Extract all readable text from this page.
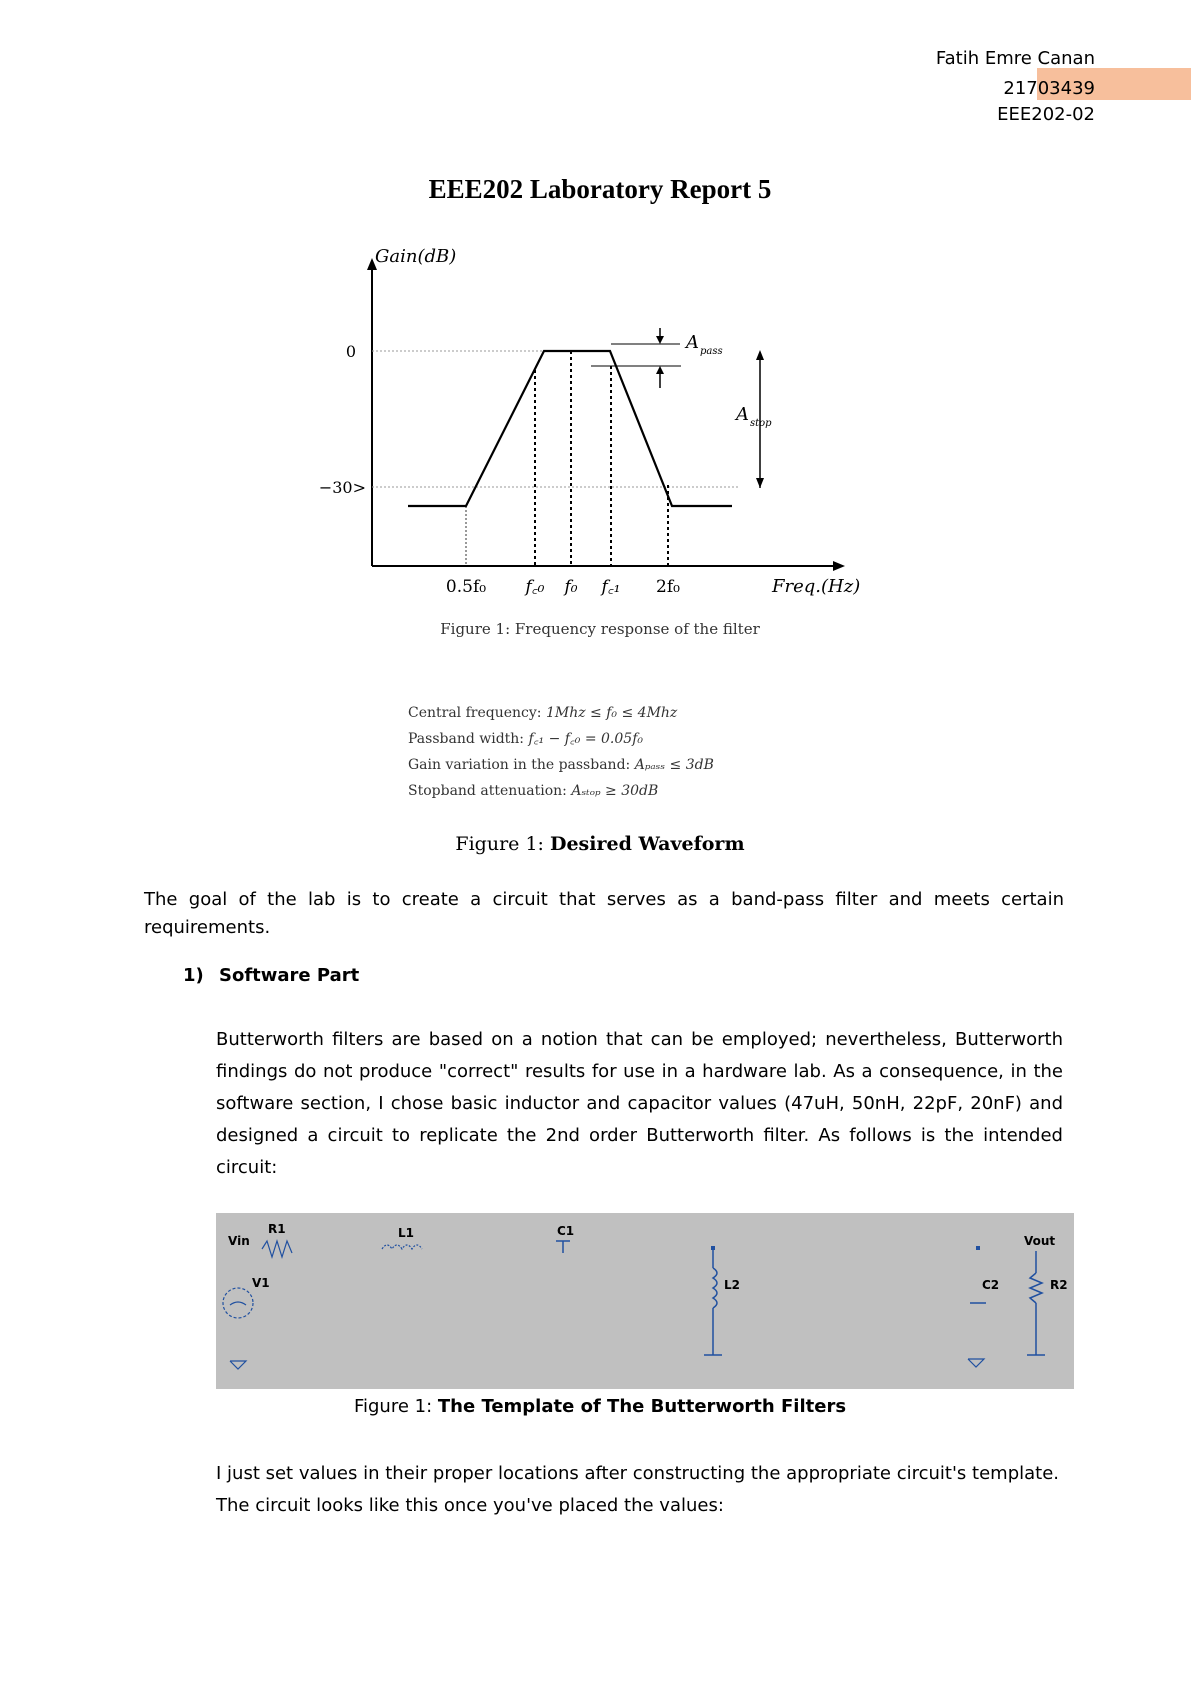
Fatih Emre Canan
21703439
EEE202-02
EEE202 Laboratory Report 5
Gain(dB)
0
−30>
Freq.(Hz)
0.5f₀ f꜀₀ f₀ f꜀₁ 2f₀
A pass
A stop
Figure 1: Frequency response of the filter
Central frequency: 1Mhz ≤ f₀ ≤ 4Mhz
Passband width: f꜀₁ − f꜀₀ = 0.05f₀
Gain variation in the passband: Aₚₐₛₛ ≤ 3dB
Stopband attenuation: Aₛₜₒₚ ≥ 30dB
Figure 1: Desired Waveform
The goal of the lab is to create a circuit that serves as a band-pass filter and meets certain requirements.
1) Software Part
Butterworth filters are based on a notion that can be employed; nevertheless, Butterworth findings do not produce "correct" results for use in a hardware lab. As a consequence, in the software section, I chose basic inductor and capacitor values (47uH, 50nH, 22pF, 20nF) and designed a circuit to replicate the 2nd order Butterworth filter. As follows is the intended circuit:
Vin
R1	L1	C1
V1	L2	C2
Vout
R2
Figure 1: The Template of The Butterworth Filters
I just set values in their proper locations after constructing the appropriate circuit's template. The circuit looks like this once you've placed the values:
